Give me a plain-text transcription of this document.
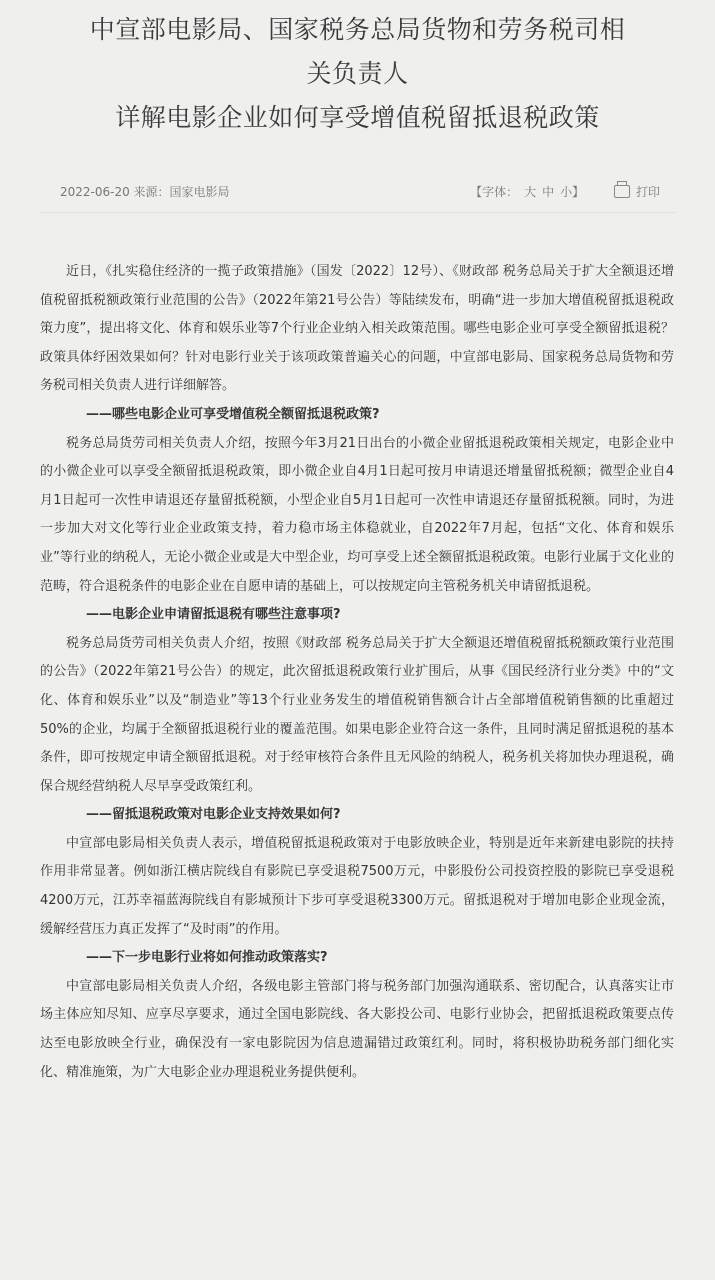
中宣部电影局、国家税务总局货物和劳务税司相
关负责人
详解电影企业如何享受增值税留抵退税政策
2022-06-20 来源：国家电影局	【字体： 大 中 小】	打印

近日，《扎实稳住经济的一揽子政策措施》（国发〔2022〕12号）、《财政部 税务总局关于扩大全额退还增值税留抵税额政策行业范围的公告》（2022年第21号公告）等陆续发布，明确“进一步加大增值税留抵退税政策力度”，提出将文化、体育和娱乐业等7个行业企业纳入相关政策范围。哪些电影企业可享受全额留抵退税？政策具体纾困效果如何？针对电影行业关于该项政策普遍关心的问题，中宣部电影局、国家税务总局货物和劳务税司相关负责人进行详细解答。

——哪些电影企业可享受增值税全额留抵退税政策?

税务总局货劳司相关负责人介绍，按照今年3月21日出台的小微企业留抵退税政策相关规定，电影企业中的小微企业可以享受全额留抵退税政策，即小微企业自4月1日起可按月申请退还增量留抵税额；微型企业自4月1日起可一次性申请退还存量留抵税额，小型企业自5月1日起可一次性申请退还存量留抵税额。同时，为进一步加大对文化等行业企业政策支持，着力稳市场主体稳就业，自2022年7月起，包括“文化、体育和娱乐业”等行业的纳税人，无论小微企业或是大中型企业，均可享受上述全额留抵退税政策。电影行业属于文化业的范畴，符合退税条件的电影企业在自愿申请的基础上，可以按规定向主管税务机关申请留抵退税。

——电影企业申请留抵退税有哪些注意事项?

税务总局货劳司相关负责人介绍，按照《财政部 税务总局关于扩大全额退还增值税留抵税额政策行业范围的公告》（2022年第21号公告）的规定，此次留抵退税政策行业扩围后，从事《国民经济行业分类》中的“文化、体育和娱乐业”以及“制造业”等13个行业业务发生的增值税销售额合计占全部增值税销售额的比重超过50%的企业，均属于全额留抵退税行业的覆盖范围。如果电影企业符合这一条件，且同时满足留抵退税的基本条件，即可按规定申请全额留抵退税。对于经审核符合条件且无风险的纳税人，税务机关将加快办理退税，确保合规经营纳税人尽早享受政策红利。

——留抵退税政策对电影企业支持效果如何?

中宣部电影局相关负责人表示，增值税留抵退税政策对于电影放映企业，特别是近年来新建电影院的扶持作用非常显著。例如浙江横店院线自有影院已享受退税7500万元，中影股份公司投资控股的影院已享受退税4200万元，江苏幸福蓝海院线自有影城预计下步可享受退税3300万元。留抵退税对于增加电影企业现金流，缓解经营压力真正发挥了“及时雨”的作用。

——下一步电影行业将如何推动政策落实?

中宣部电影局相关负责人介绍，各级电影主管部门将与税务部门加强沟通联系、密切配合，认真落实让市场主体应知尽知、应享尽享要求，通过全国电影院线、各大影投公司、电影行业协会，把留抵退税政策要点传达至电影放映全行业，确保没有一家电影院因为信息遗漏错过政策红利。同时，将积极协助税务部门细化实化、精准施策，为广大电影企业办理退税业务提供便利。
